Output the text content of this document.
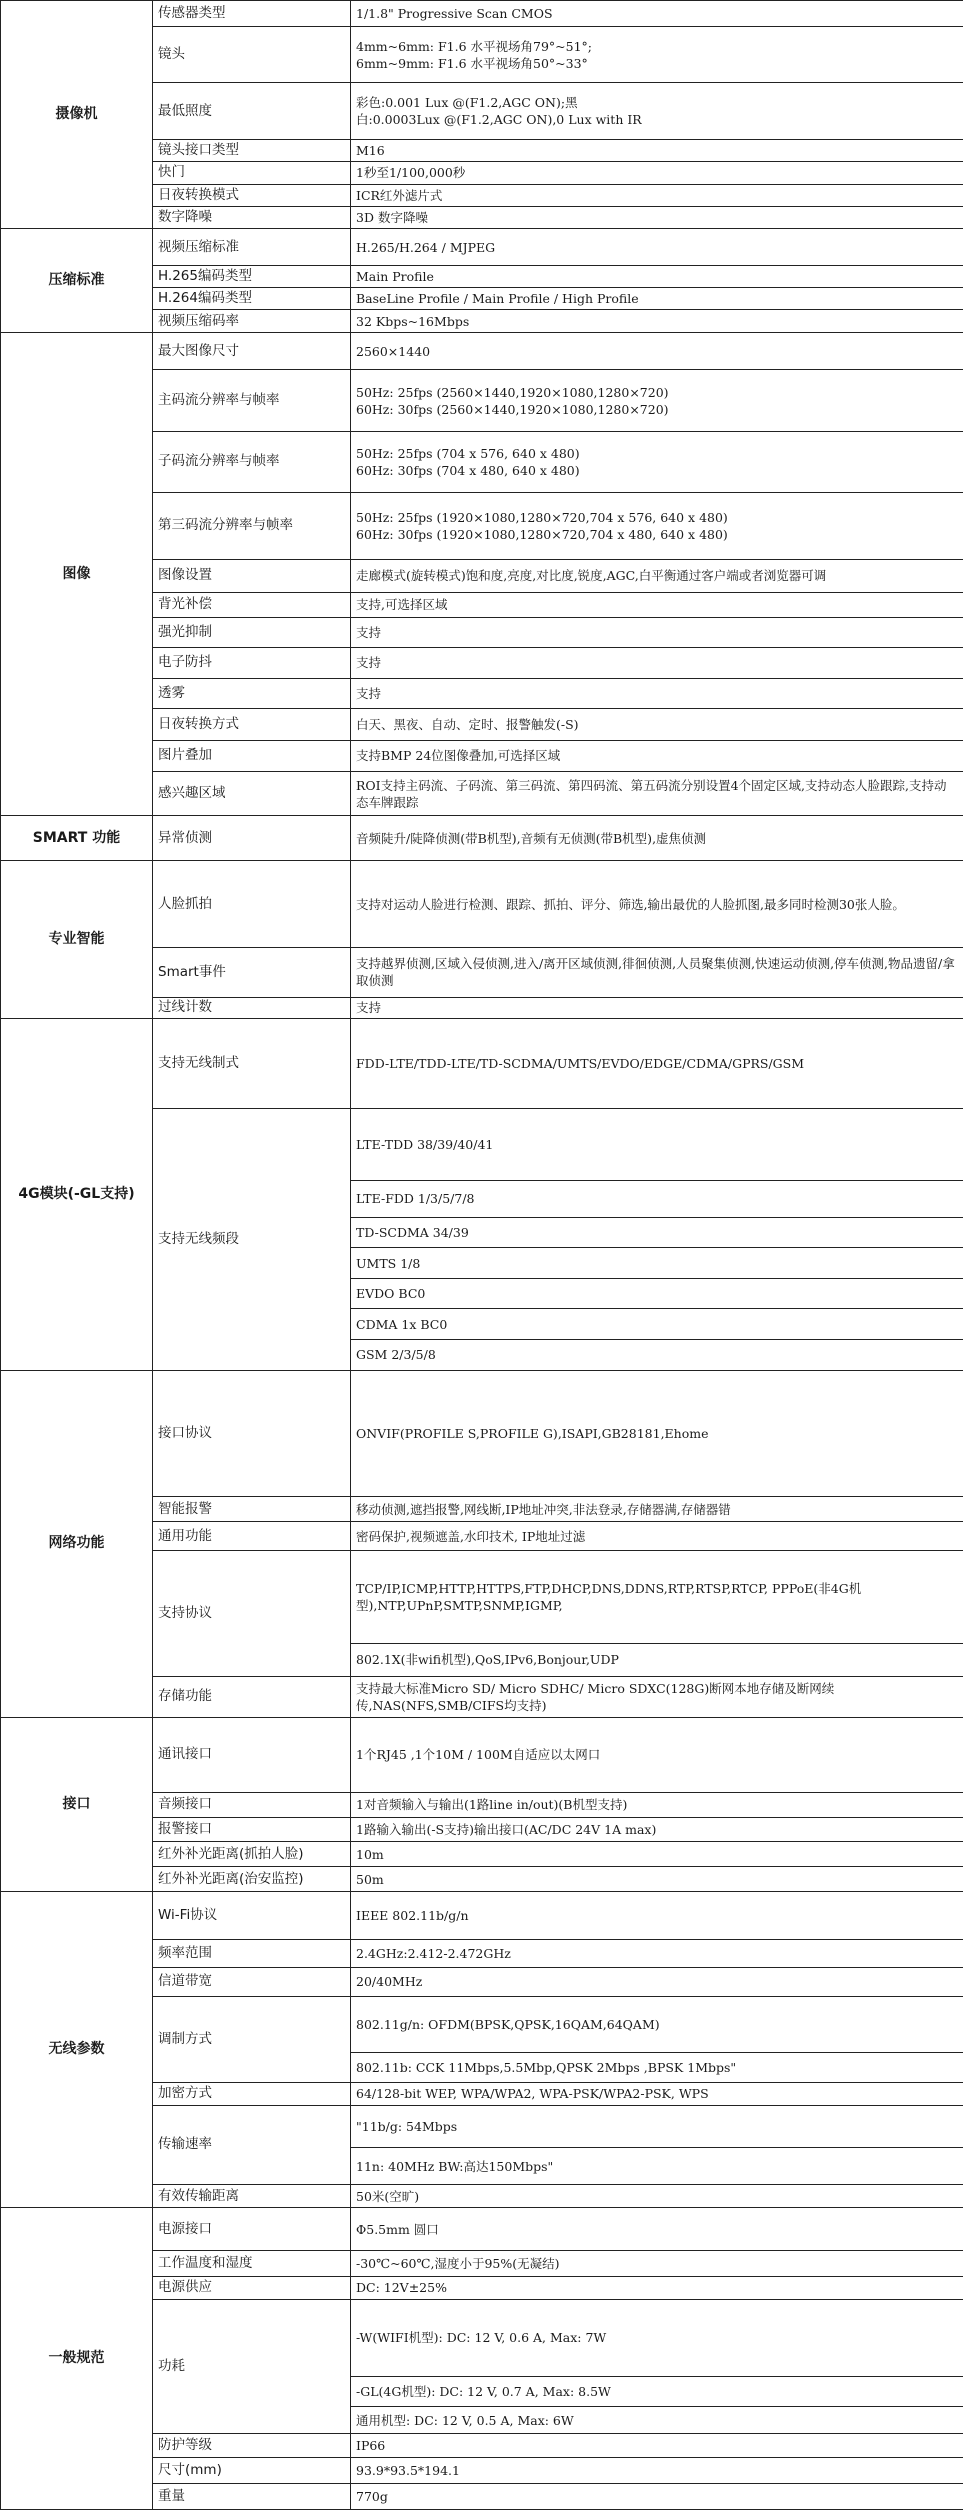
摄像机	传感器类型	1/1.8" Progressive Scan CMOS
	镜头	4mm~6mm: F1.6 水平视场角79°~51°;
6mm~9mm: F1.6 水平视场角50°~33°
	最低照度	彩色:0.001 Lux @(F1.2,AGC ON);黑
白:0.0003Lux @(F1.2,AGC ON),0 Lux with IR
	镜头接口类型	M16
	快门	1秒至1/100,000秒
	日夜转换模式	ICR红外滤片式
	数字降噪	3D 数字降噪
压缩标准	视频压缩标准	H.265/H.264 / MJPEG
	H.265编码类型	Main Profile
	H.264编码类型	BaseLine Profile / Main Profile / High Profile
	视频压缩码率	32 Kbps~16Mbps
图像	最大图像尺寸	2560×1440
	主码流分辨率与帧率	50Hz: 25fps (2560×1440,1920×1080,1280×720)
60Hz: 30fps (2560×1440,1920×1080,1280×720)
	子码流分辨率与帧率	50Hz: 25fps (704 x 576, 640 x 480)
60Hz: 30fps (704 x 480, 640 x 480)
	第三码流分辨率与帧率	50Hz: 25fps (1920×1080,1280×720,704 x 576, 640 x 480)
60Hz: 30fps (1920×1080,1280×720,704 x 480, 640 x 480)
	图像设置	走廊模式(旋转模式)饱和度,亮度,对比度,锐度,AGC,白平衡通过客户端或者浏览器可调
	背光补偿	支持,可选择区域
	强光抑制	支持
	电子防抖	支持
	透雾	支持
	日夜转换方式	白天、黑夜、自动、定时、报警触发(-S)
	图片叠加	支持BMP 24位图像叠加,可选择区域
	感兴趣区域	ROI支持主码流、子码流、第三码流、第四码流、第五码流分别设置4个固定区域,支持动态人脸跟踪,支持动态车牌跟踪
SMART 功能	异常侦测	音频陡升/陡降侦测(带B机型),音频有无侦测(带B机型),虚焦侦测
专业智能	人脸抓拍	支持对运动人脸进行检测、跟踪、抓拍、评分、筛选,输出最优的人脸抓图,最多同时检测30张人脸。
	Smart事件	支持越界侦测,区域入侵侦测,进入/离开区域侦测,徘徊侦测,人员聚集侦测,快速运动侦测,停车侦测,物品遗留/拿取侦测
	过线计数	支持
4G模块(-GL支持)	支持无线制式	FDD-LTE/TDD-LTE/TD-SCDMA/UMTS/EVDO/EDGE/CDMA/GPRS/GSM
	支持无线频段	LTE-TDD 38/39/40/41
		LTE-FDD 1/3/5/7/8
		TD-SCDMA 34/39
		UMTS 1/8
		EVDO BC0
		CDMA 1x BC0
		GSM 2/3/5/8
网络功能	接口协议	ONVIF(PROFILE S,PROFILE G),ISAPI,GB28181,Ehome
	智能报警	移动侦测,遮挡报警,网线断,IP地址冲突,非法登录,存储器满,存储器错
	通用功能	密码保护,视频遮盖,水印技术, IP地址过滤
	支持协议	TCP/IP,ICMP,HTTP,HTTPS,FTP,DHCP,DNS,DDNS,RTP,RTSP,RTCP, PPPoE(非4G机型),NTP,UPnP,SMTP,SNMP,IGMP,
		802.1X(非wifi机型),QoS,IPv6,Bonjour,UDP
	存储功能	支持最大标准Micro SD/ Micro SDHC/ Micro SDXC(128G)断网本地存储及断网续传,NAS(NFS,SMB/CIFS均支持)
接口	通讯接口	1个RJ45 ,1个10M / 100M自适应以太网口
	音频接口	1对音频输入与输出(1路line in/out)(B机型支持)
	报警接口	1路输入输出(-S支持)输出接口(AC/DC 24V 1A max)
	红外补光距离(抓拍人脸)	10m
	红外补光距离(治安监控)	50m
无线参数	Wi-Fi协议	IEEE 802.11b/g/n
	频率范围	2.4GHz:2.412-2.472GHz
	信道带宽	20/40MHz
	调制方式	802.11g/n: OFDM(BPSK,QPSK,16QAM,64QAM)
		802.11b: CCK 11Mbps,5.5Mbp,QPSK 2Mbps ,BPSK 1Mbps"
	加密方式	64/128-bit WEP, WPA/WPA2, WPA-PSK/WPA2-PSK, WPS
	传输速率	"11b/g: 54Mbps
		11n: 40MHz BW:高达150Mbps"
	有效传输距离	50米(空旷)
一般规范	电源接口	Φ5.5mm 圆口
	工作温度和湿度	-30℃~60℃,湿度小于95%(无凝结)
	电源供应	DC: 12V±25%
	功耗	-W(WIFI机型): DC: 12 V, 0.6 A, Max: 7W
		-GL(4G机型): DC: 12 V, 0.7 A, Max: 8.5W
		通用机型: DC: 12 V, 0.5 A, Max: 6W
	防护等级	IP66
	尺寸(mm)	93.9*93.5*194.1
	重量	770g
